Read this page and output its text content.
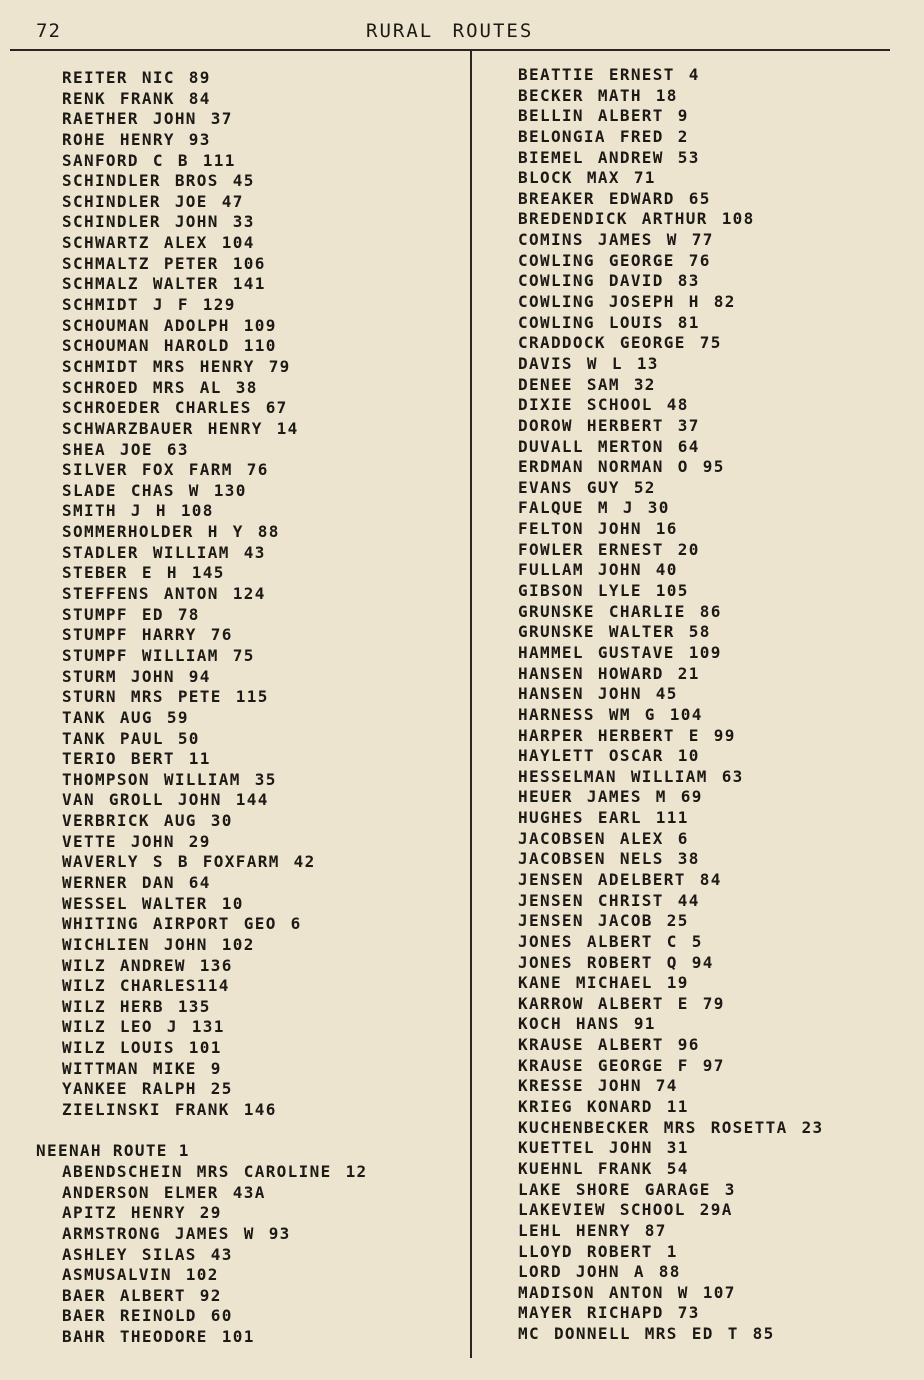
72	RURAL ROUTES
REITER NIC 89
RENK FRANK 84
RAETHER JOHN 37
ROHE HENRY 93
SANFORD C B 111
SCHINDLER BROS 45
SCHINDLER JOE 47
SCHINDLER JOHN 33
SCHWARTZ ALEX 104
SCHMALTZ PETER 106
SCHMALZ WALTER 141
SCHMIDT J F 129
SCHOUMAN ADOLPH 109
SCHOUMAN HAROLD 110
SCHMIDT MRS HENRY 79
SCHROED MRS AL 38
SCHROEDER CHARLES 67
SCHWARZBAUER HENRY 14
SHEA JOE 63
SILVER FOX FARM 76
SLADE CHAS W 130
SMITH J H 108
SOMMERHOLDER H Y 88
STADLER WILLIAM 43
STEBER E H 145
STEFFENS ANTON 124
STUMPF ED 78
STUMPF HARRY 76
STUMPF WILLIAM 75
STURM JOHN 94
STURN MRS PETE 115
TANK AUG 59
TANK PAUL 50
TERIO BERT 11
THOMPSON WILLIAM 35
VAN GROLL JOHN 144
VERBRICK AUG 30
VETTE JOHN 29
WAVERLY S B FOXFARM 42
WERNER DAN 64
WESSEL WALTER 10
WHITING AIRPORT GEO 6
WICHLIEN JOHN 102
WILZ ANDREW 136
WILZ CHARLES114
WILZ HERB 135
WILZ LEO J 131
WILZ LOUIS 101
WITTMAN MIKE 9
YANKEE RALPH 25
ZIELINSKI FRANK 146
NEENAH ROUTE 1
ABENDSCHEIN MRS CAROLINE 12
ANDERSON ELMER 43A
APITZ HENRY 29
ARMSTRONG JAMES W 93
ASHLEY SILAS 43
ASMUSALVIN 102
BAER ALBERT 92
BAER REINOLD 60
BAHR THEODORE 101
BEATTIE ERNEST 4
BECKER MATH 18
BELLIN ALBERT 9
BELONGIA FRED 2
BIEMEL ANDREW 53
BLOCK MAX 71
BREAKER EDWARD 65
BREDENDICK ARTHUR 108
COMINS JAMES W 77
COWLING GEORGE 76
COWLING DAVID 83
COWLING JOSEPH H 82
COWLING LOUIS 81
CRADDOCK GEORGE 75
DAVIS W L 13
DENEE SAM 32
DIXIE SCHOOL 48
DOROW HERBERT 37
DUVALL MERTON 64
ERDMAN NORMAN O 95
EVANS GUY 52
FALQUE M J 30
FELTON JOHN 16
FOWLER ERNEST 20
FULLAM JOHN 40
GIBSON LYLE 105
GRUNSKE CHARLIE 86
GRUNSKE WALTER 58
HAMMEL GUSTAVE 109
HANSEN HOWARD 21
HANSEN JOHN 45
HARNESS WM G 104
HARPER HERBERT E 99
HAYLETT OSCAR 10
HESSELMAN WILLIAM 63
HEUER JAMES M 69
HUGHES EARL 111
JACOBSEN ALEX 6
JACOBSEN NELS 38
JENSEN ADELBERT 84
JENSEN CHRIST 44
JENSEN JACOB 25
JONES ALBERT C 5
JONES ROBERT Q 94
KANE MICHAEL 19
KARROW ALBERT E 79
KOCH HANS 91
KRAUSE ALBERT 96
KRAUSE GEORGE F 97
KRESSE JOHN 74
KRIEG KONARD 11
KUCHENBECKER MRS ROSETTA 23
KUETTEL JOHN 31
KUEHNL FRANK 54
LAKE SHORE GARAGE 3
LAKEVIEW SCHOOL 29A
LEHL HENRY 87
LLOYD ROBERT 1
LORD JOHN A 88
MADISON ANTON W 107
MAYER RICHAPD 73
MC DONNELL MRS ED T 85
